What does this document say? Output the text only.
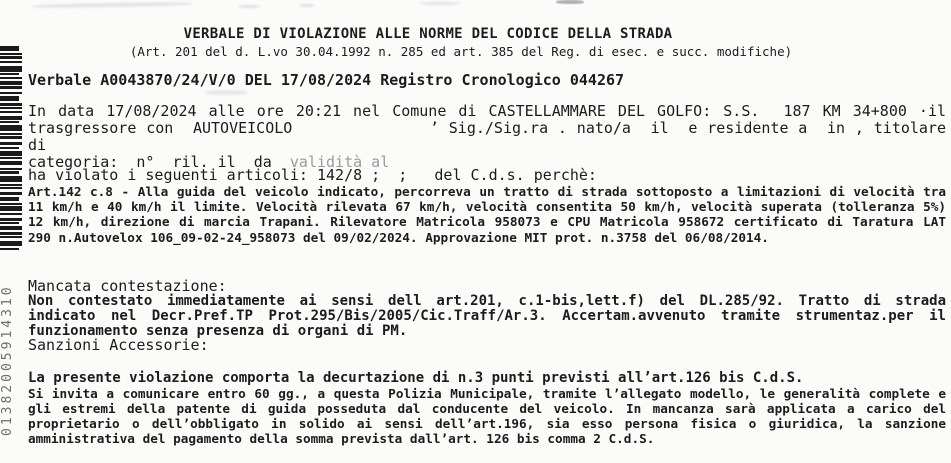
01382005914310
VERBALE DI VIOLAZIONE ALLE NORME DEL CODICE DELLA STRADA
(Art. 201 del d. L.vo 30.04.1992 n. 285 ed art. 385 del Reg. di esec. e succ. modifiche)
Verbale A0043870/24/V/0 DEL 17/08/2024 Registro Cronologico 044267
In data 17/08/2024 alle ore 20:21 nel Comune di CASTELLAMMARE DEL GOLFO: S.S.  187 KM 34+800 ·il
trasgressore con  AUTOVEICOLO              ’ Sig./Sig.ra . nato/a  il  e residente a  in , titolare di
categoria:  n°  ril. il  da  validità al
ha violato i seguenti articoli: 142/8 ;  ;   del C.d.s. perchè:
Art.142 c.8 - Alla guida del veicolo indicato, percorreva un tratto di strada sottoposto a limitazioni di velocità tra
11 km/h e 40 km/h il limite. Velocità rilevata 67 km/h, velocità consentita 50 km/h, velocità superata (tolleranza 5%)
12 km/h, direzione di marcia Trapani. Rilevatore Matricola 958073 e CPU Matricola 958672 certificato di Taratura LAT
290 n.Autovelox 106_09-02-24_958073 del 09/02/2024. Approvazione MIT prot. n.3758 del 06/08/2014.
Mancata contestazione:
Non contestato immediatamente ai sensi dell art.201, c.1-bis,lett.f) del DL.285/92. Tratto di strada
indicato nel Decr.Pref.TP Prot.295/Bis/2005/Cic.Traff/Ar.3. Accertam.avvenuto tramite strumentaz.per il
funzionamento senza presenza di organi di PM.
Sanzioni Accessorie:
La presente violazione comporta la decurtazione di n.3 punti previsti all’art.126 bis C.d.S.
Si invita a comunicare entro 60 gg., a questa Polizia Municipale, tramite l’allegato modello, le generalità complete e
gli estremi della patente di guida posseduta dal conducente del veicolo. In mancanza sarà applicata a carico del
proprietario o dell’obbligato in solido ai sensi dell’art.196, sia esso persona fisica o giuridica, la sanzione
amministrativa del pagamento della somma prevista dall’art. 126 bis comma 2 C.d.S.
